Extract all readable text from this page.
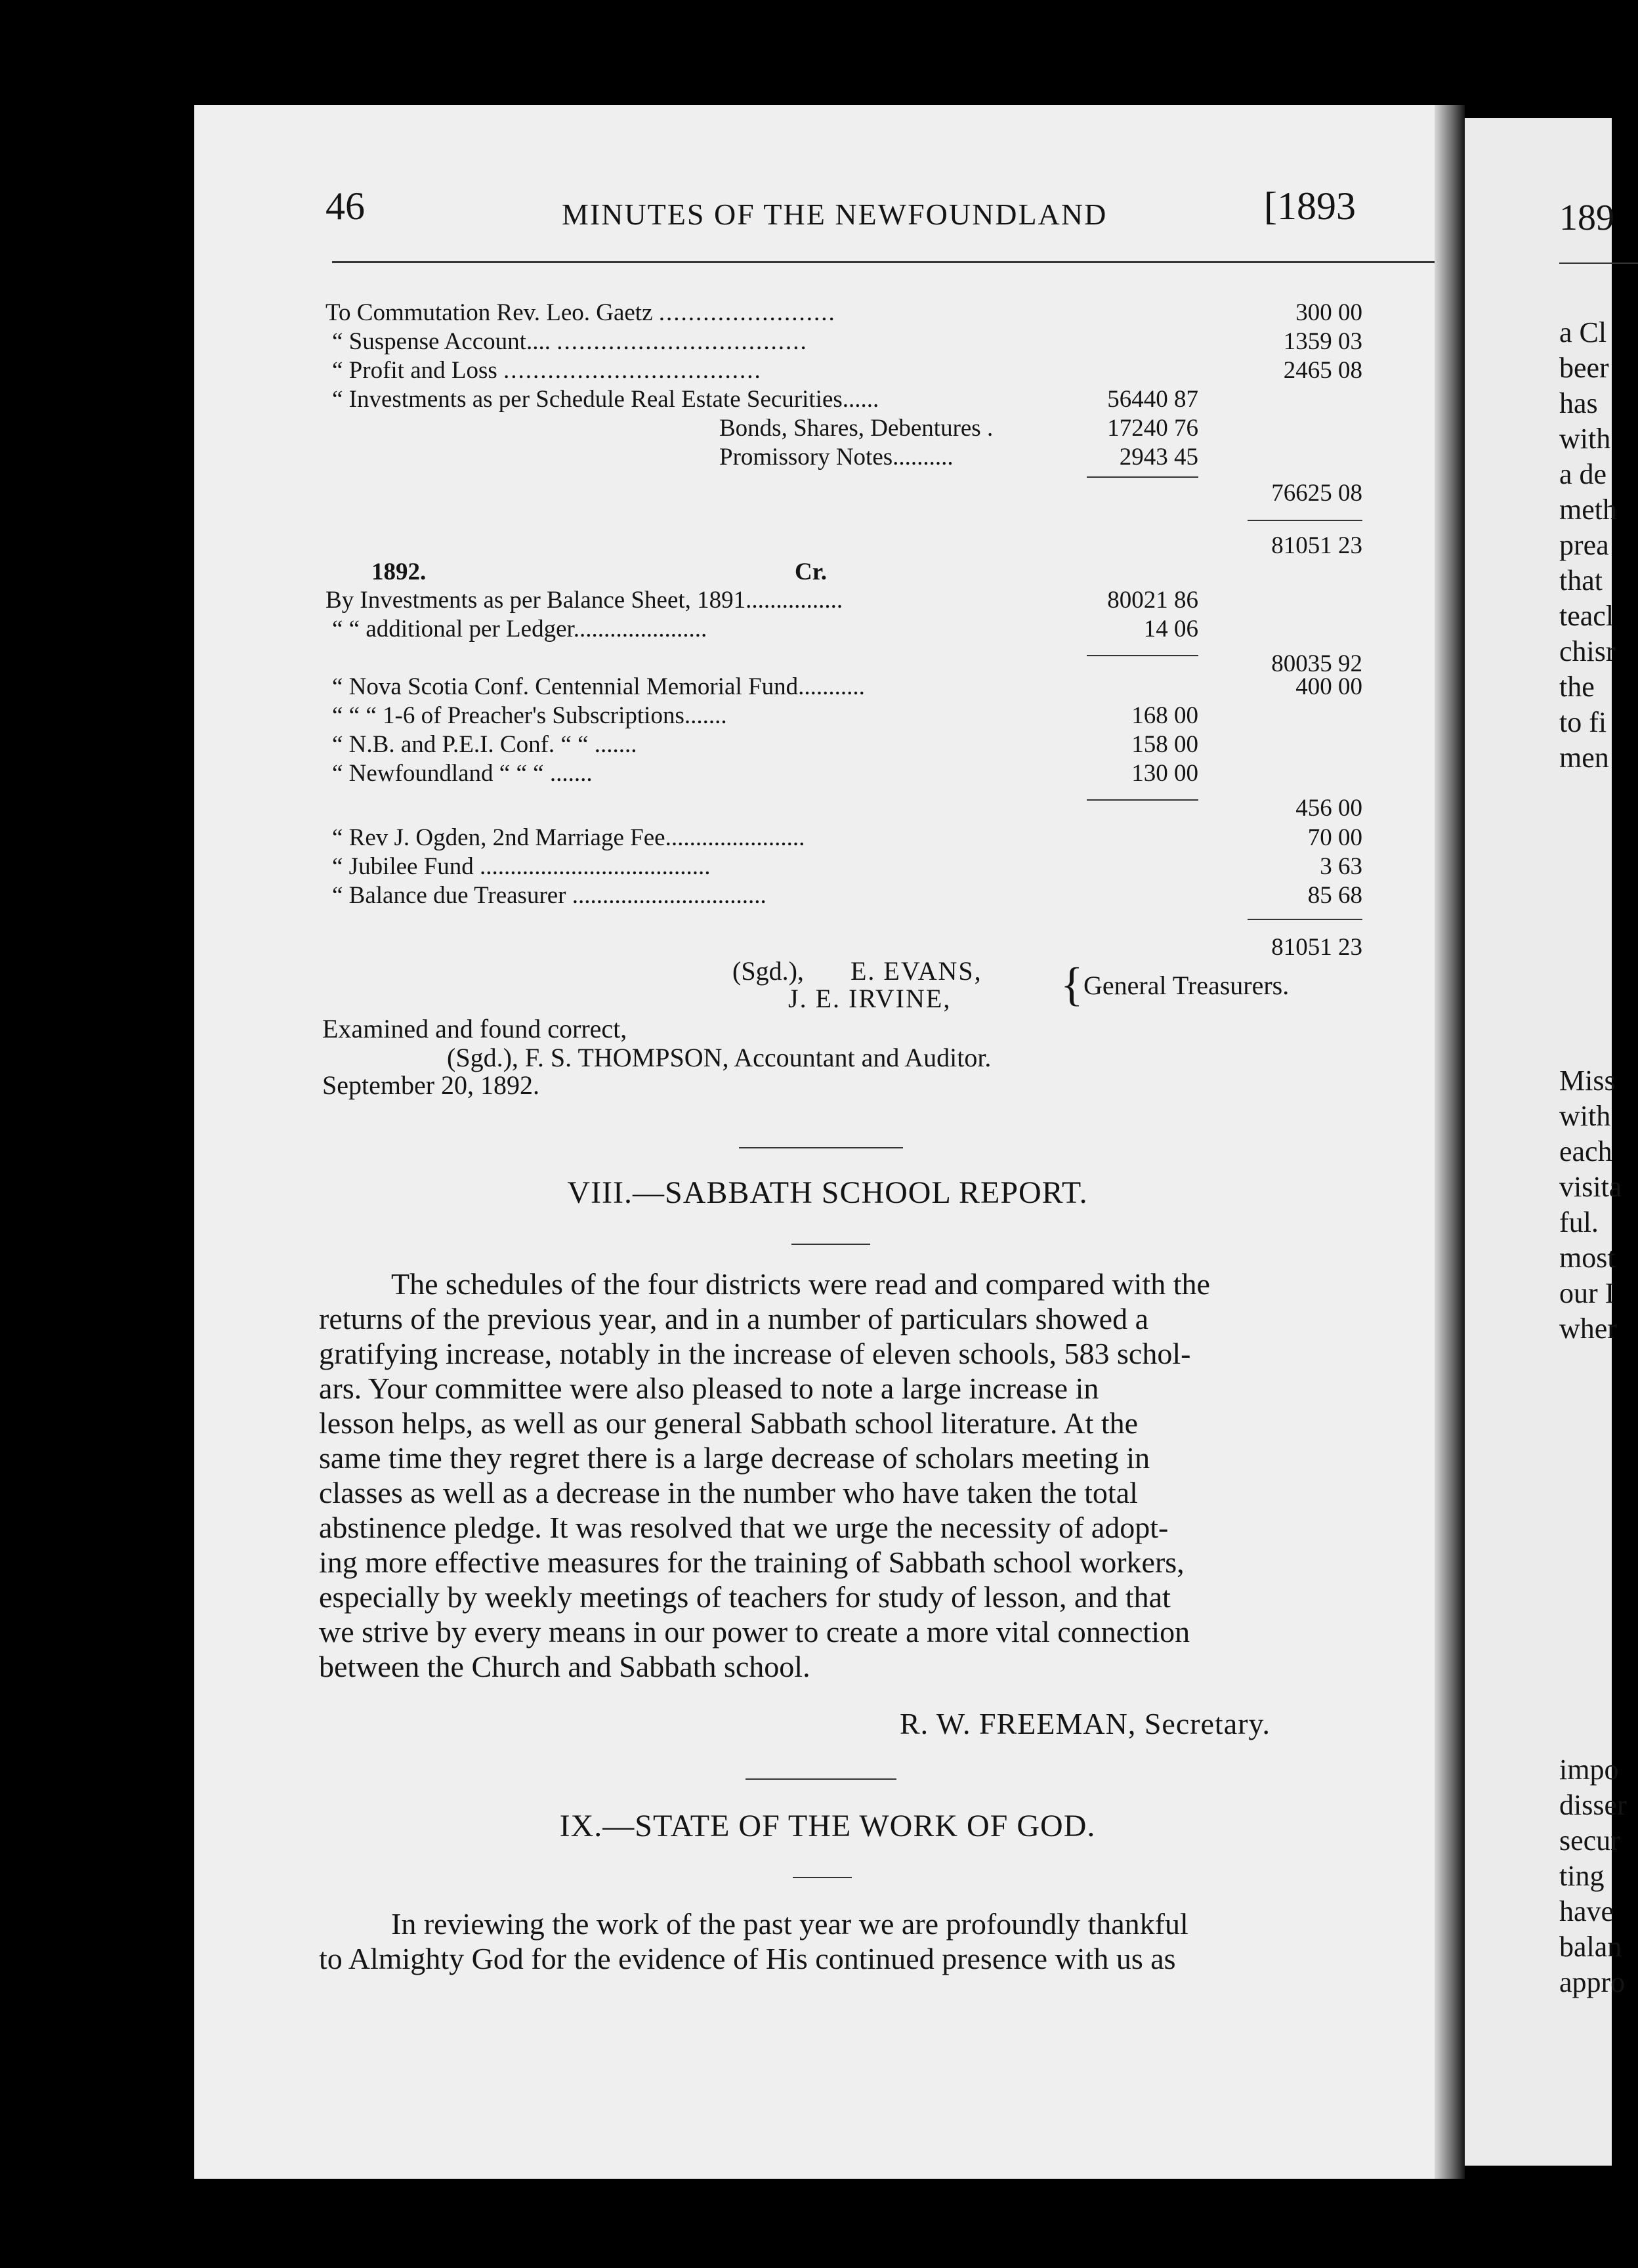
46	MINUTES OF THE NEWFOUNDLAND	[1893
To Commutation Rev. Leo. Gaetz ........................	300 00
“ Suspense Account.... ..................................	1359 03
“ Profit and Loss ...................................	2465 08
“ Investments as per Schedule Real Estate Securities......	56440 87
Bonds, Shares, Debentures .	17240 76
Promissory Notes..........	2943 45
76625 08
81051 23
1892.	Cr.
By Investments as per Balance Sheet, 1891................	80021 86
“ “ additional per Ledger......................	14 06
80035 92
“ Nova Scotia Conf. Centennial Memorial Fund...........	400 00
“ “ “ 1-6 of Preacher's Subscriptions.......	168 00
“ N.B. and P.E.I. Conf. “ “ .......	158 00
“ Newfoundland “ “ “ .......	130 00
456 00
“ Rev J. Ogden, 2nd Marriage Fee.......................	70 00
“ Jubilee Fund ......................................	3 63
“ Balance due Treasurer ................................	85 68
81051 23
(Sgd.), E. EVANS,
J. E. IRVINE, { General Treasurers.
Examined and found correct,
(Sgd.), F. S. THOMPSON, Accountant and Auditor.
September 20, 1892.
VIII.—SABBATH SCHOOL REPORT.
The schedules of the four districts were read and compared with the
returns of the previous year, and in a number of particulars showed a
gratifying increase, notably in the increase of eleven schools, 583 schol-
ars. Your committee were also pleased to note a large increase in
lesson helps, as well as our general Sabbath school literature. At the
same time they regret there is a large decrease of scholars meeting in
classes as well as a decrease in the number who have taken the total
abstinence pledge. It was resolved that we urge the necessity of adopt-
ing more effective measures for the training of Sabbath school workers,
especially by weekly meetings of teachers for study of lesson, and that
we strive by every means in our power to create a more vital connection
between the Church and Sabbath school.
R. W. FREEMAN, Secretary.
IX.—STATE OF THE WORK OF GOD.
In reviewing the work of the past year we are profoundly thankful
to Almighty God for the evidence of His continued presence with us as
189
a Cl
beer
has
with
a de
meth
prea
that
teacl
chisr
the
to fi
men
Miss
with
each
visita
ful.
most
our I
wher
impo
disser
secur
ting
have
balan
appro
